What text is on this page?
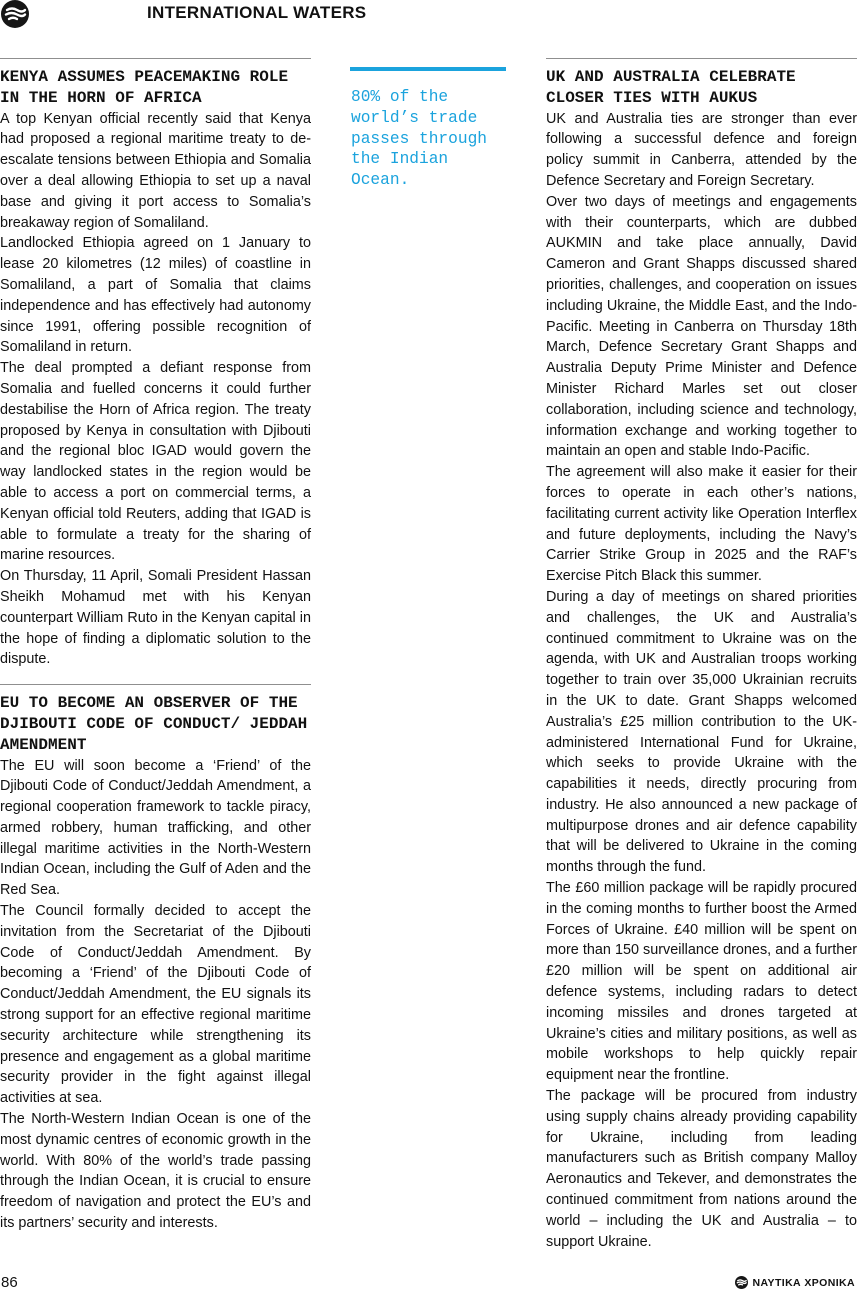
INTERNATIONAL WATERS
KENYA ASSUMES PEACEMAKING ROLE IN THE HORN OF AFRICA

A top Kenyan official recently said that Kenya had proposed a regional maritime treaty to de-escalate tensions between Ethiopia and Somalia over a deal allowing Ethiopia to set up a naval base and giving it port access to Somalia’s breakaway region of Somaliland.

Landlocked Ethiopia agreed on 1 January to lease 20 kilometres (12 miles) of coastline in Somaliland, a part of Somalia that claims independence and has effectively had autonomy since 1991, offering possible recognition of Somaliland in return.

The deal prompted a defiant response from Somalia and fuelled concerns it could further destabilise the Horn of Africa region. The treaty proposed by Kenya in consultation with Djibouti and the regional bloc IGAD would govern the way landlocked states in the region would be able to access a port on commercial terms, a Kenyan official told Reuters, adding that IGAD is able to formulate a treaty for the sharing of marine resources.

On Thursday, 11 April, Somali President Hassan Sheikh Mohamud met with his Kenyan counterpart William Ruto in the Kenyan capital in the hope of finding a diplomatic solution to the dispute.

EU TO BECOME AN OBSERVER OF THE DJIBOUTI CODE OF CONDUCT/ JEDDAH AMENDMENT

The EU will soon become a ‘Friend’ of the Djibouti Code of Conduct/Jeddah Amendment, a regional cooperation framework to tackle piracy, armed robbery, human trafficking, and other illegal maritime activities in the North-Western Indian Ocean, including the Gulf of Aden and the Red Sea.

The Council formally decided to accept the invitation from the Secretariat of the Djibouti Code of Conduct/Jeddah Amendment. By becoming a ‘Friend’ of the Djibouti Code of Conduct/Jeddah Amendment, the EU signals its strong support for an effective regional maritime security architecture while strengthening its presence and engagement as a global maritime security provider in the fight against illegal activities at sea.

The North-Western Indian Ocean is one of the most dynamic centres of economic growth in the world. With 80% of the world’s trade passing through the Indian Ocean, it is crucial to ensure freedom of navigation and protect the EU’s and its partners’ security and interests.

80% of the world’s trade passes through the Indian Ocean.
UK AND AUSTRALIA CELEBRATE CLOSER TIES WITH AUKUS

UK and Australia ties are stronger than ever following a successful defence and foreign policy summit in Canberra, attended by the Defence Secretary and Foreign Secretary.

Over two days of meetings and engagements with their counterparts, which are dubbed AUKMIN and take place annually, David Cameron and Grant Shapps discussed shared priorities, challenges, and cooperation on issues including Ukraine, the Middle East, and the Indo-Pacific. Meeting in Canberra on Thursday 18th March, Defence Secretary Grant Shapps and Australia Deputy Prime Minister and Defence Minister Richard Marles set out closer collaboration, including science and technology, information exchange and working together to maintain an open and stable Indo-Pacific.

The agreement will also make it easier for their forces to operate in each other’s nations, facilitating current activity like Operation Interflex and future deployments, including the Navy’s Carrier Strike Group in 2025 and the RAF’s Exercise Pitch Black this summer.

During a day of meetings on shared priorities and challenges, the UK and Australia’s continued commitment to Ukraine was on the agenda, with UK and Australian troops working together to train over 35,000 Ukrainian recruits in the UK to date. Grant Shapps welcomed Australia’s £25 million contribution to the UK-administered International Fund for Ukraine, which seeks to provide Ukraine with the capabilities it needs, directly procuring from industry. He also announced a new package of multipurpose drones and air defence capability that will be delivered to Ukraine in the coming months through the fund.

The £60 million package will be rapidly procured in the coming months to further boost the Armed Forces of Ukraine. £40 million will be spent on more than 150 surveillance drones, and a further £20 million will be spent on additional air defence systems, including radars to detect incoming missiles and drones targeted at Ukraine’s cities and military positions, as well as mobile workshops to help quickly repair equipment near the frontline.

The package will be procured from industry using supply chains already providing capability for Ukraine, including from leading manufacturers such as British company Malloy Aeronautics and Tekever, and demonstrates the continued commitment from nations around the world – including the UK and Australia – to support Ukraine.

86	ΝΑΥΤΙΚΑ ΧΡΟΝΙΚΑ
